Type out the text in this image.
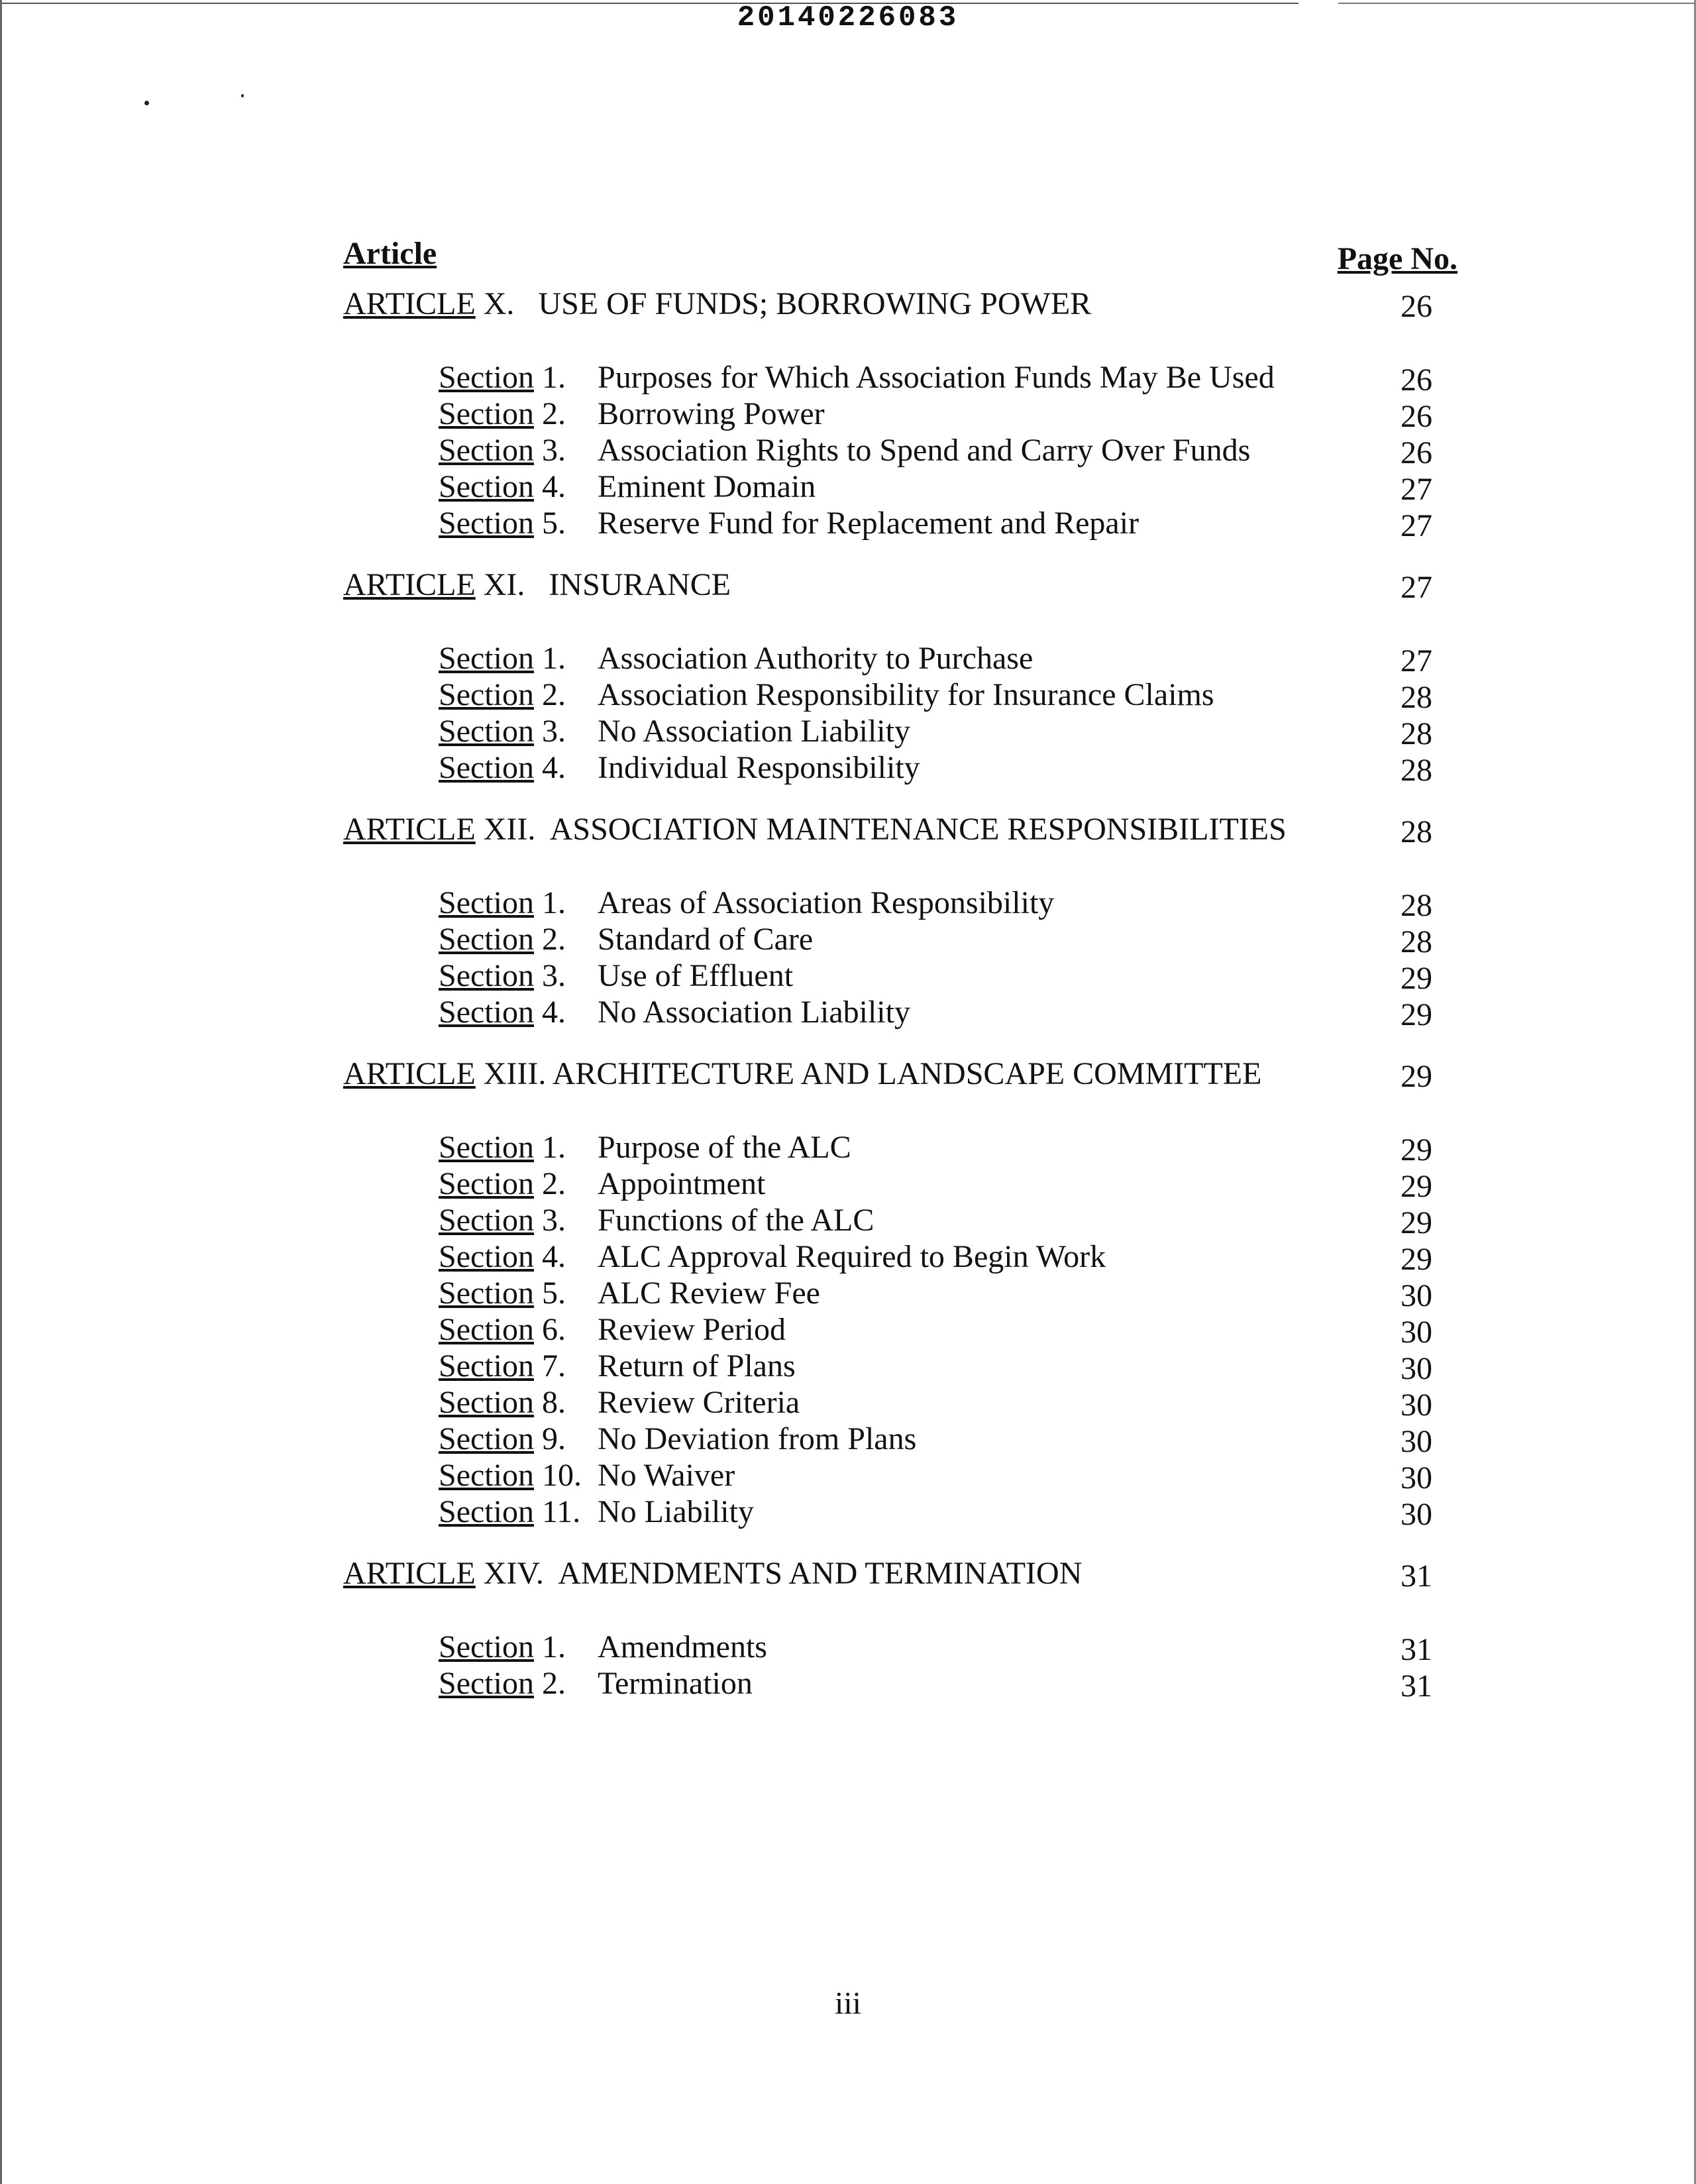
20140226083
Article	Page No.
ARTICLE X.   USE OF FUNDS; BORROWING POWER	26
Section 1. Purposes for Which Association Funds May Be Used	26
Section 2. Borrowing Power	26
Section 3. Association Rights to Spend and Carry Over Funds	26
Section 4. Eminent Domain	27
Section 5. Reserve Fund for Replacement and Repair	27
ARTICLE XI.   INSURANCE	27
Section 1. Association Authority to Purchase	27
Section 2. Association Responsibility for Insurance Claims	28
Section 3. No Association Liability	28
Section 4. Individual Responsibility	28
ARTICLE XII.  ASSOCIATION MAINTENANCE RESPONSIBILITIES	28
Section 1. Areas of Association Responsibility	28
Section 2. Standard of Care	28
Section 3. Use of Effluent	29
Section 4. No Association Liability	29
ARTICLE XIII. ARCHITECTURE AND LANDSCAPE COMMITTEE	29
Section 1. Purpose of the ALC	29
Section 2. Appointment	29
Section 3. Functions of the ALC	29
Section 4. ALC Approval Required to Begin Work	29
Section 5. ALC Review Fee	30
Section 6. Review Period	30
Section 7. Return of Plans	30
Section 8. Review Criteria	30
Section 9. No Deviation from Plans	30
Section 10. No Waiver	30
Section 11. No Liability	30
ARTICLE XIV.  AMENDMENTS AND TERMINATION	31
Section 1. Amendments	31
Section 2. Termination	31
iii
